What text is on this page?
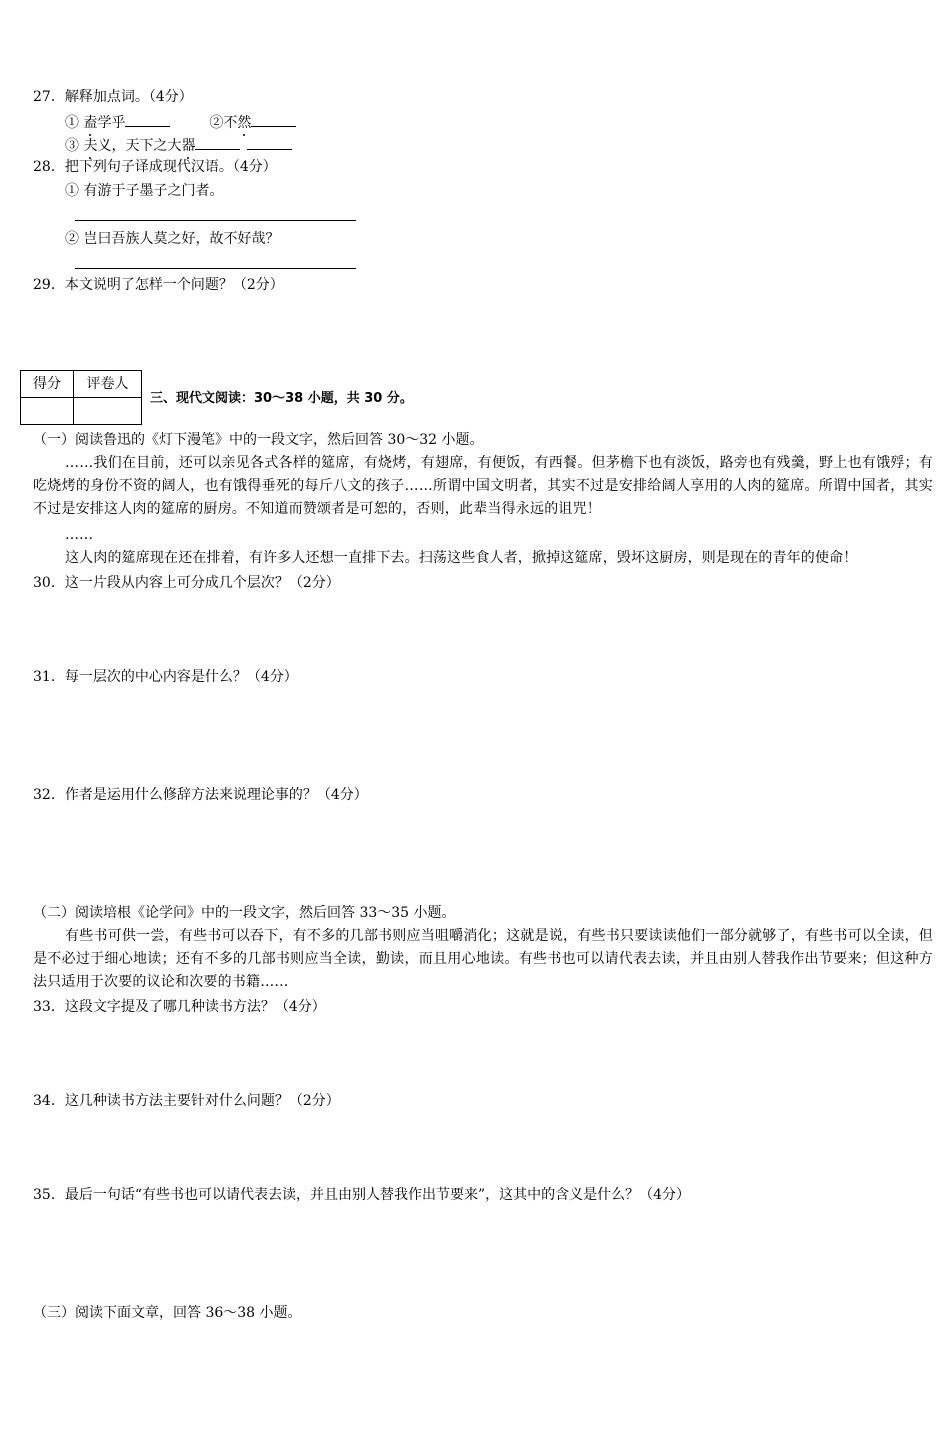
27．解释加点词。（4分）
① 盍学乎	②不然
③ 夫义，天下之大器
28．把下列句子译成现代汉语。（4分）
① 有游于子墨子之门者。
② 岂曰吾族人莫之好，故不好哉？
29．本文说明了怎样一个问题？（2分）
得分	评卷人

三、现代文阅读：30～38 小题，共 30 分。
（一）阅读鲁迅的《灯下漫笔》中的一段文字，然后回答 30～32 小题。
……我们在目前，还可以亲见各式各样的筵席，有烧烤，有翅席，有便饭，有西餐。但茅檐下也有淡饭，路旁也有残羹，野上也有饿殍；有吃烧烤的身份不资的阔人，也有饿得垂死的每斤八文的孩子……所谓中国文明者，其实不过是安排给阔人享用的人肉的筵席。所谓中国者，其实不过是安排这人肉的筵席的厨房。不知道而赞颂者是可恕的，否则，此辈当得永远的诅咒！
……
这人肉的筵席现在还在排着，有许多人还想一直排下去。扫荡这些食人者，掀掉这筵席，毁坏这厨房，则是现在的青年的使命！
30．这一片段从内容上可分成几个层次？（2分）
31．每一层次的中心内容是什么？（4分）
32．作者是运用什么修辞方法来说理论事的？（4分）
（二）阅读培根《论学问》中的一段文字，然后回答 33～35 小题。
有些书可供一尝，有些书可以吞下，有不多的几部书则应当咀嚼消化；这就是说，有些书只要读读他们一部分就够了，有些书可以全读，但是不必过于细心地读；还有不多的几部书则应当全读，勤读，而且用心地读。有些书也可以请代表去读，并且由别人替我作出节要来；但这种方法只适用于次要的议论和次要的书籍……
33．这段文字提及了哪几种读书方法？（4分）
34．这几种读书方法主要针对什么问题？（2分）
35．最后一句话“有些书也可以请代表去读，并且由别人替我作出节要来”，这其中的含义是什么？（4分）
（三）阅读下面文章，回答 36～38 小题。
